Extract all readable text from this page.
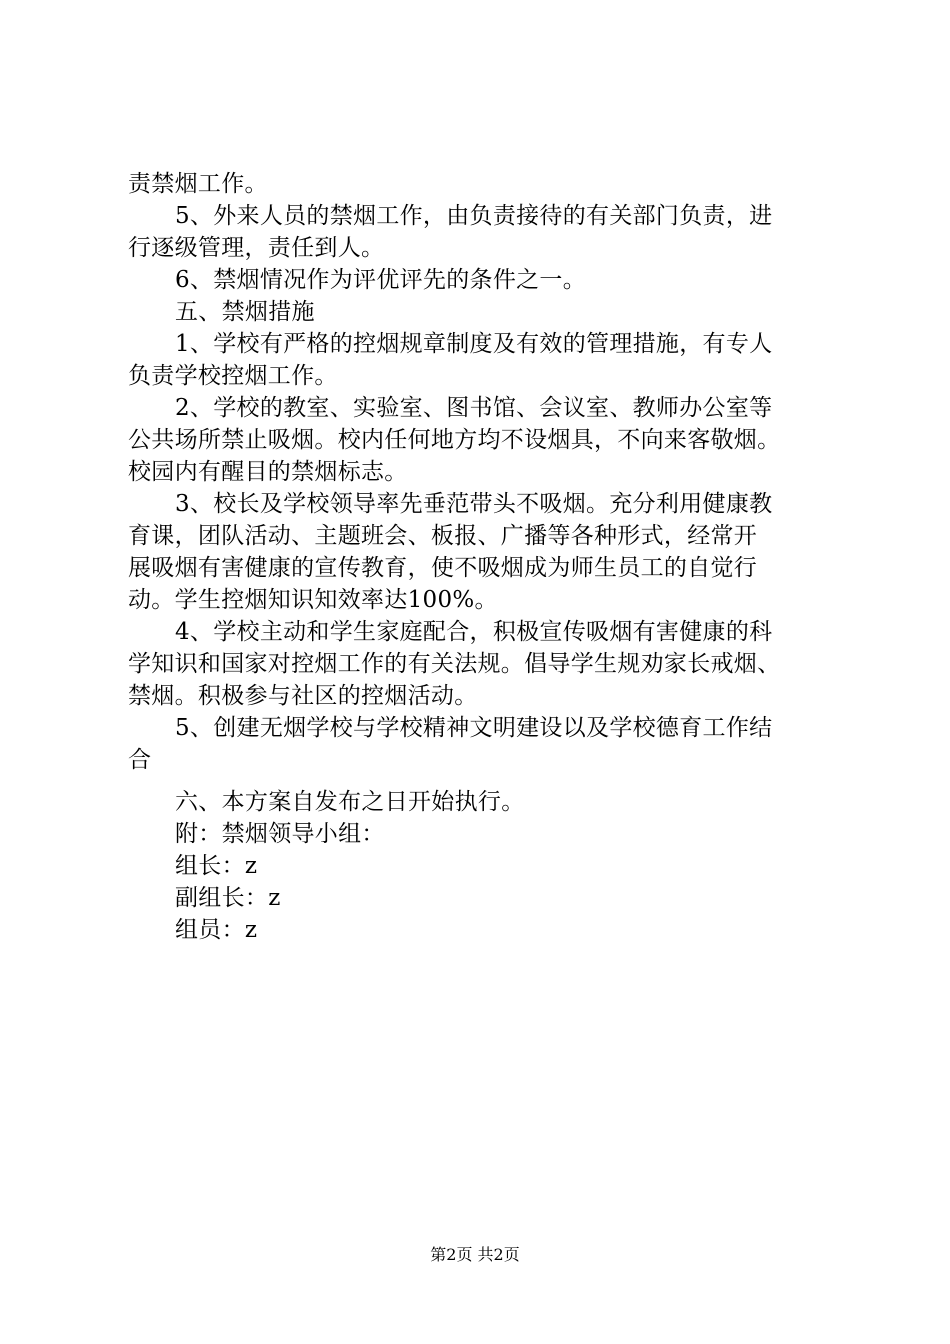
责禁烟工作。
5、外来人员的禁烟工作，由负责接待的有关部门负责，进
行逐级管理，责任到人。
6、禁烟情况作为评优评先的条件之一。
五、禁烟措施
1、学校有严格的控烟规章制度及有效的管理措施，有专人
负责学校控烟工作。
2、学校的教室、实验室、图书馆、会议室、教师办公室等
公共场所禁止吸烟。校内任何地方均不设烟具，不向来客敬烟。
校园内有醒目的禁烟标志。
3、校长及学校领导率先垂范带头不吸烟。充分利用健康教
育课，团队活动、主题班会、板报、广播等各种形式，经常开
展吸烟有害健康的宣传教育，使不吸烟成为师生员工的自觉行
动。学生控烟知识知效率达100%。
4、学校主动和学生家庭配合，积极宣传吸烟有害健康的科
学知识和国家对控烟工作的有关法规。倡导学生规劝家长戒烟、
禁烟。积极参与社区的控烟活动。
5、创建无烟学校与学校精神文明建设以及学校德育工作结
合
六、本方案自发布之日开始执行。
附：禁烟领导小组：
组长：z
副组长：z
组员：z
第2页 共2页
